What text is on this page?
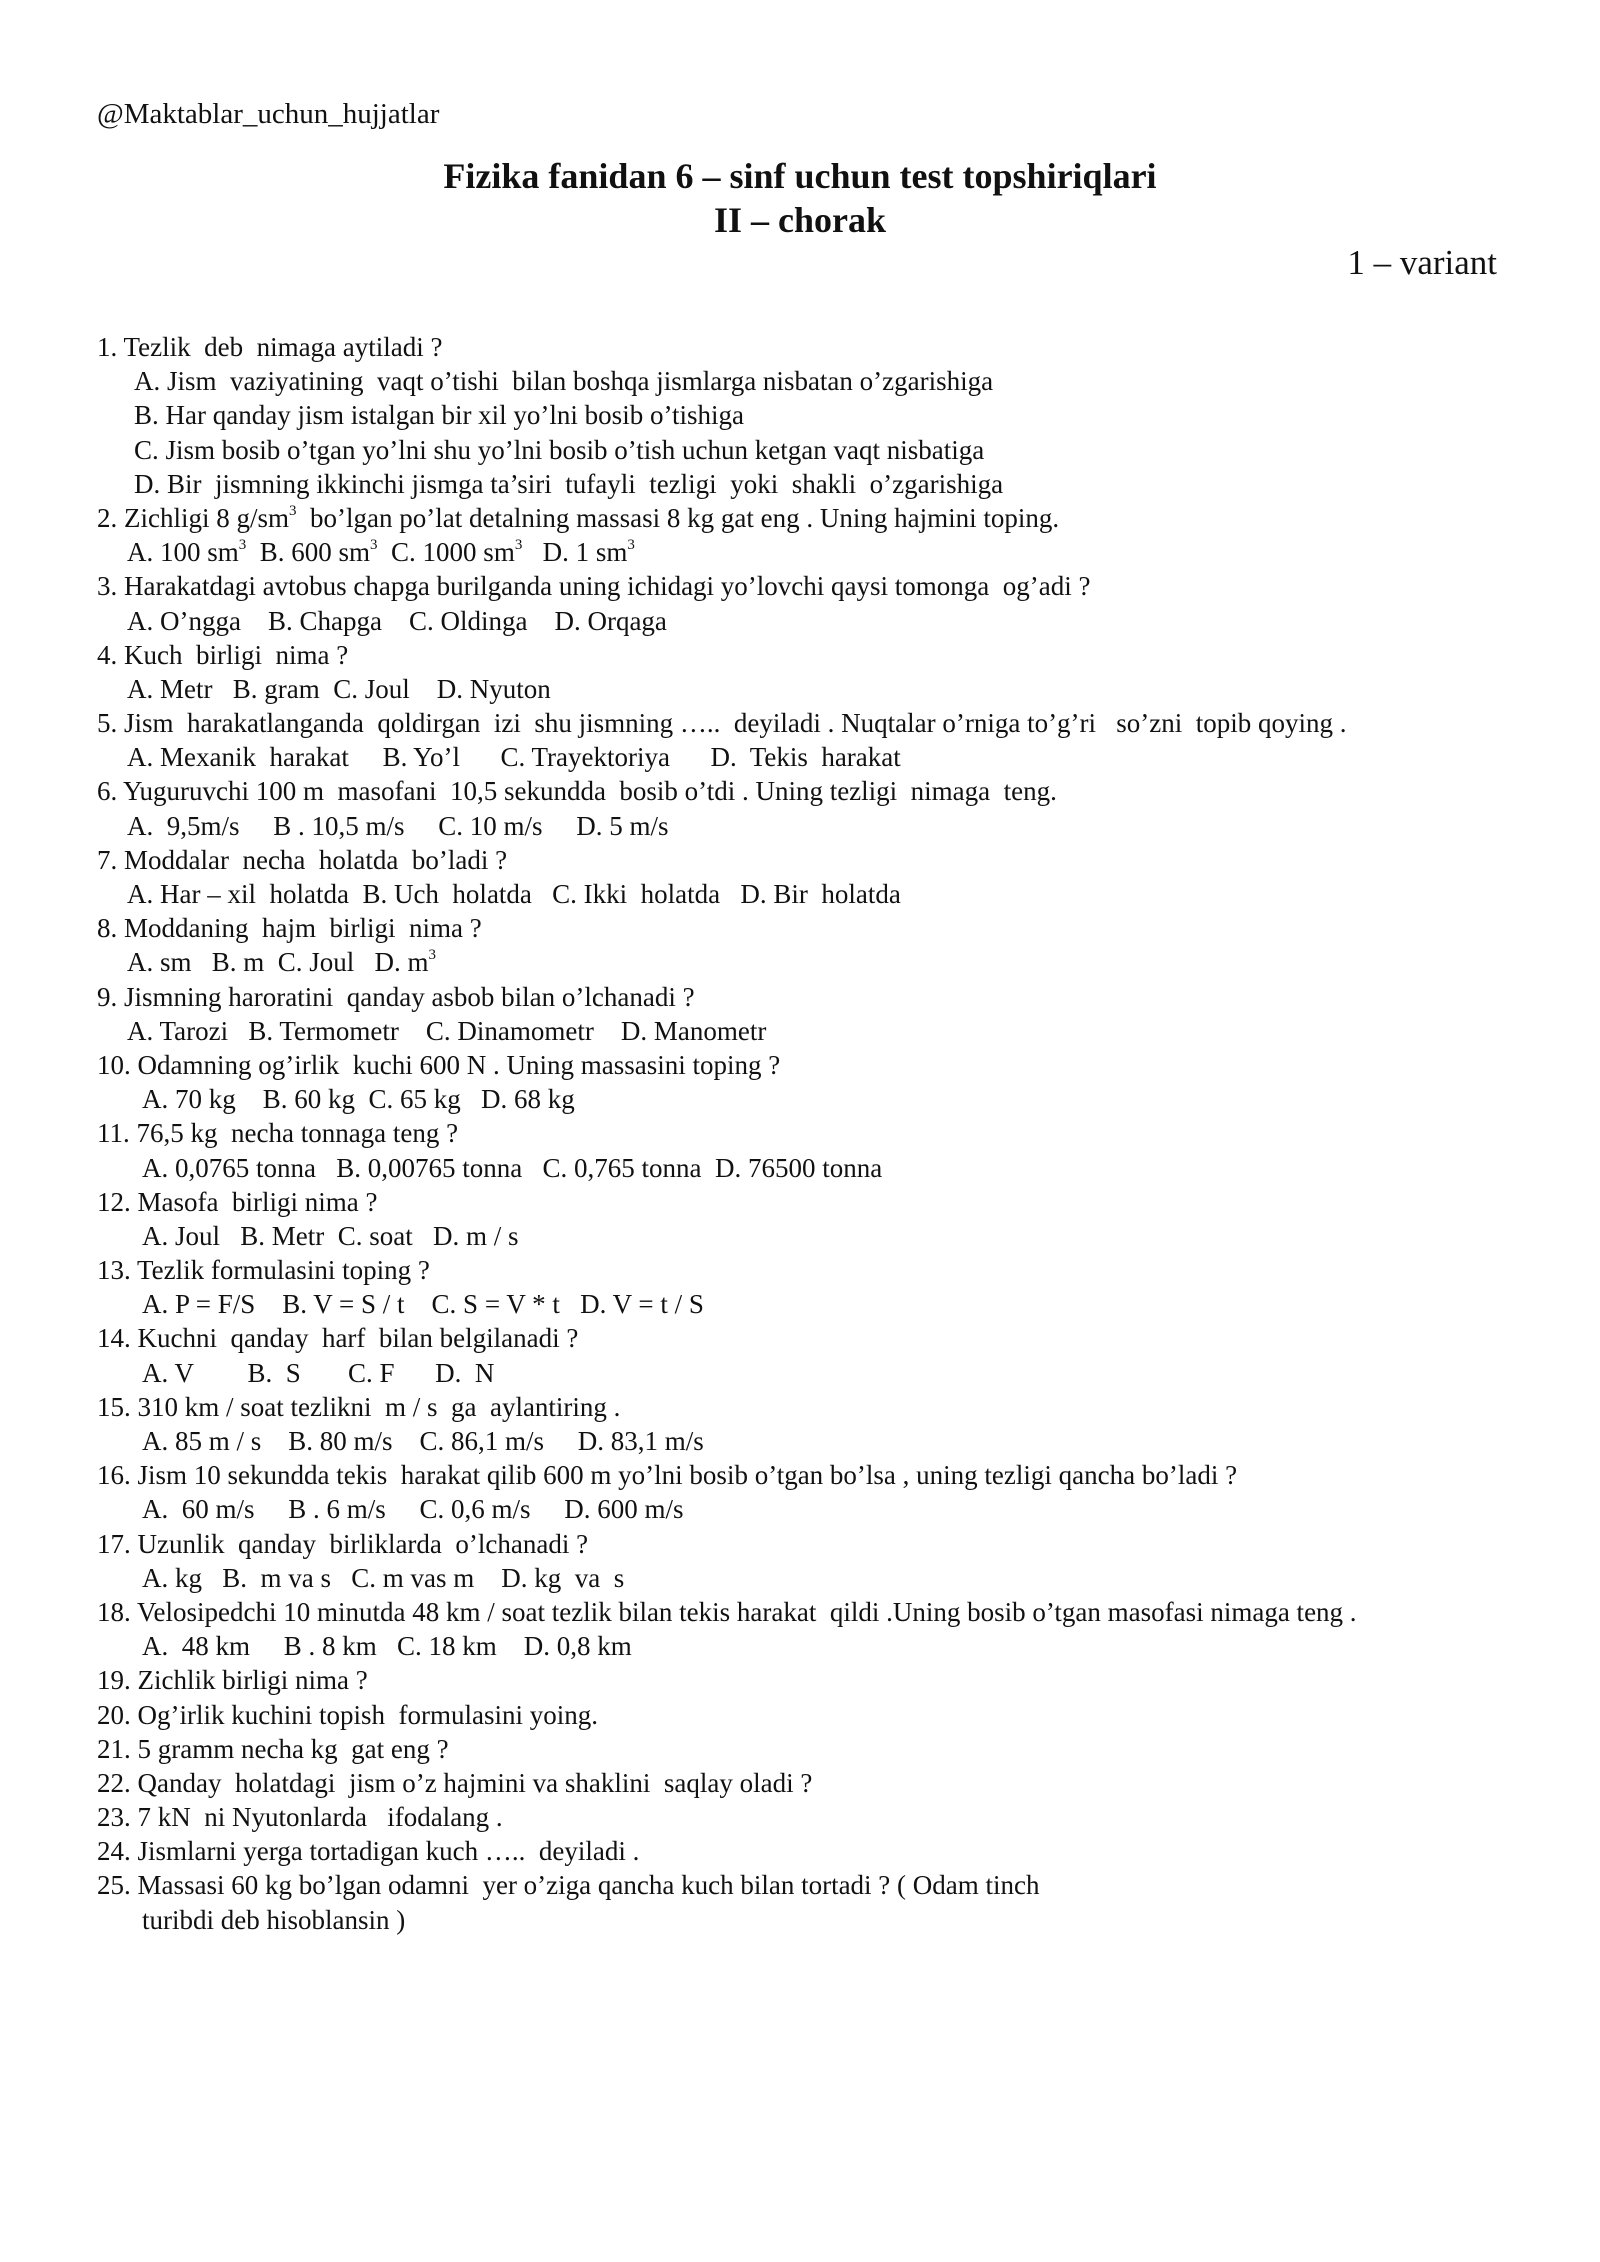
@Maktablar_uchun_hujjatlar
Fizika fanidan 6 – sinf uchun test topshiriqlari
II – chorak
1 – variant
1. Tezlik  deb  nimaga aytiladi ?
A. Jism  vaziyatining  vaqt o’tishi  bilan boshqa jismlarga nisbatan o’zgarishiga
B. Har qanday jism istalgan bir xil yo’lni bosib o’tishiga
C. Jism bosib o’tgan yo’lni shu yo’lni bosib o’tish uchun ketgan vaqt nisbatiga
D. Bir  jismning ikkinchi jismga ta’siri  tufayli  tezligi  yoki  shakli  o’zgarishiga
2. Zichligi 8 $g/sm^3$  bo’lgan po’lat detalning massasi 8 kg gat eng . Uning hajmini toping.
A. 100 $sm^3$  B. 600 $sm^3$  C. 1000 $sm^3$   D. 1 $sm^3$
3. Harakatdagi avtobus chapga burilganda uning ichidagi yo’lovchi qaysi tomonga  og’adi ?
A. O’ngga    B. Chapga    C. Oldinga    D. Orqaga
4. Kuch  birligi  nima ?
A. Metr   B. gram  C. Joul    D. Nyuton
5. Jism  harakatlanganda  qoldirgan  izi  shu jismning …..  deyiladi . Nuqtalar o’rniga to’g’ri   so’zni  topib qoying .
A. Mexanik  harakat     B. Yo’l      C. Trayektoriya      D.  Tekis  harakat
6. Yuguruvchi 100 m  masofani  10,5 sekundda  bosib o’tdi . Uning tezligi  nimaga  teng.
A.  9,5m/s     B . 10,5 m/s     C. 10 m/s     D. 5 m/s
7. Moddalar  necha  holatda  bo’ladi ?
A. Har – xil  holatda  B. Uch  holatda   C. Ikki  holatda   D. Bir  holatda
8. Moddaning  hajm  birligi  nima ?
A. sm   B. m  C. Joul   D. $m^3$
9. Jismning haroratini  qanday asbob bilan o’lchanadi ?
A. Tarozi   B. Termometr    C. Dinamometr    D. Manometr
10. Odamning og’irlik  kuchi 600 N . Uning massasini toping ?
A. 70 kg    B. 60 kg  C. 65 kg   D. 68 kg
11. 76,5 kg  necha tonnaga teng ?
A. 0,0765 tonna   B. 0,00765 tonna   C. 0,765 tonna  D. 76500 tonna
12. Masofa  birligi nima ?
A. Joul   B. Metr  C. soat   D. m / s
13. Tezlik formulasini toping ?
A. P = F/S    B. V = S / t    C. S = V * t   D. V = t / S
14. Kuchni  qanday  harf  bilan belgilanadi ?
A. V        B.  S       C. F      D.  N
15. 310 km / soat tezlikni  m / s  ga  aylantiring .
A. 85 m / s    B. 80 m/s    C. 86,1 m/s     D. 83,1 m/s
16. Jism 10 sekundda tekis  harakat qilib 600 m yo’lni bosib o’tgan bo’lsa , uning tezligi qancha bo’ladi ?
A.  60 m/s     B . 6 m/s     C. 0,6 m/s     D. 600 m/s
17. Uzunlik  qanday  birliklarda  o’lchanadi ?
A. kg   B.  m va s   C. m vas m    D. kg  va  s
18. Velosipedchi 10 minutda 48 km / soat tezlik bilan tekis harakat  qildi .Uning bosib o’tgan masofasi nimaga teng .
A.  48 km     B . 8 km   C. 18 km    D. 0,8 km
19. Zichlik birligi nima ?
20. Og’irlik kuchini topish  formulasini yoing.
21. 5 gramm necha kg  gat eng ?
22. Qanday  holatdagi  jism o’z hajmini va shaklini  saqlay oladi ?
23. 7 kN  ni Nyutonlarda   ifodalang .
24. Jismlarni yerga tortadigan kuch …..  deyiladi .
25. Massasi 60 kg bo’lgan odamni  yer o’ziga qancha kuch bilan tortadi ? ( Odam tinch
turibdi deb hisoblansin )
